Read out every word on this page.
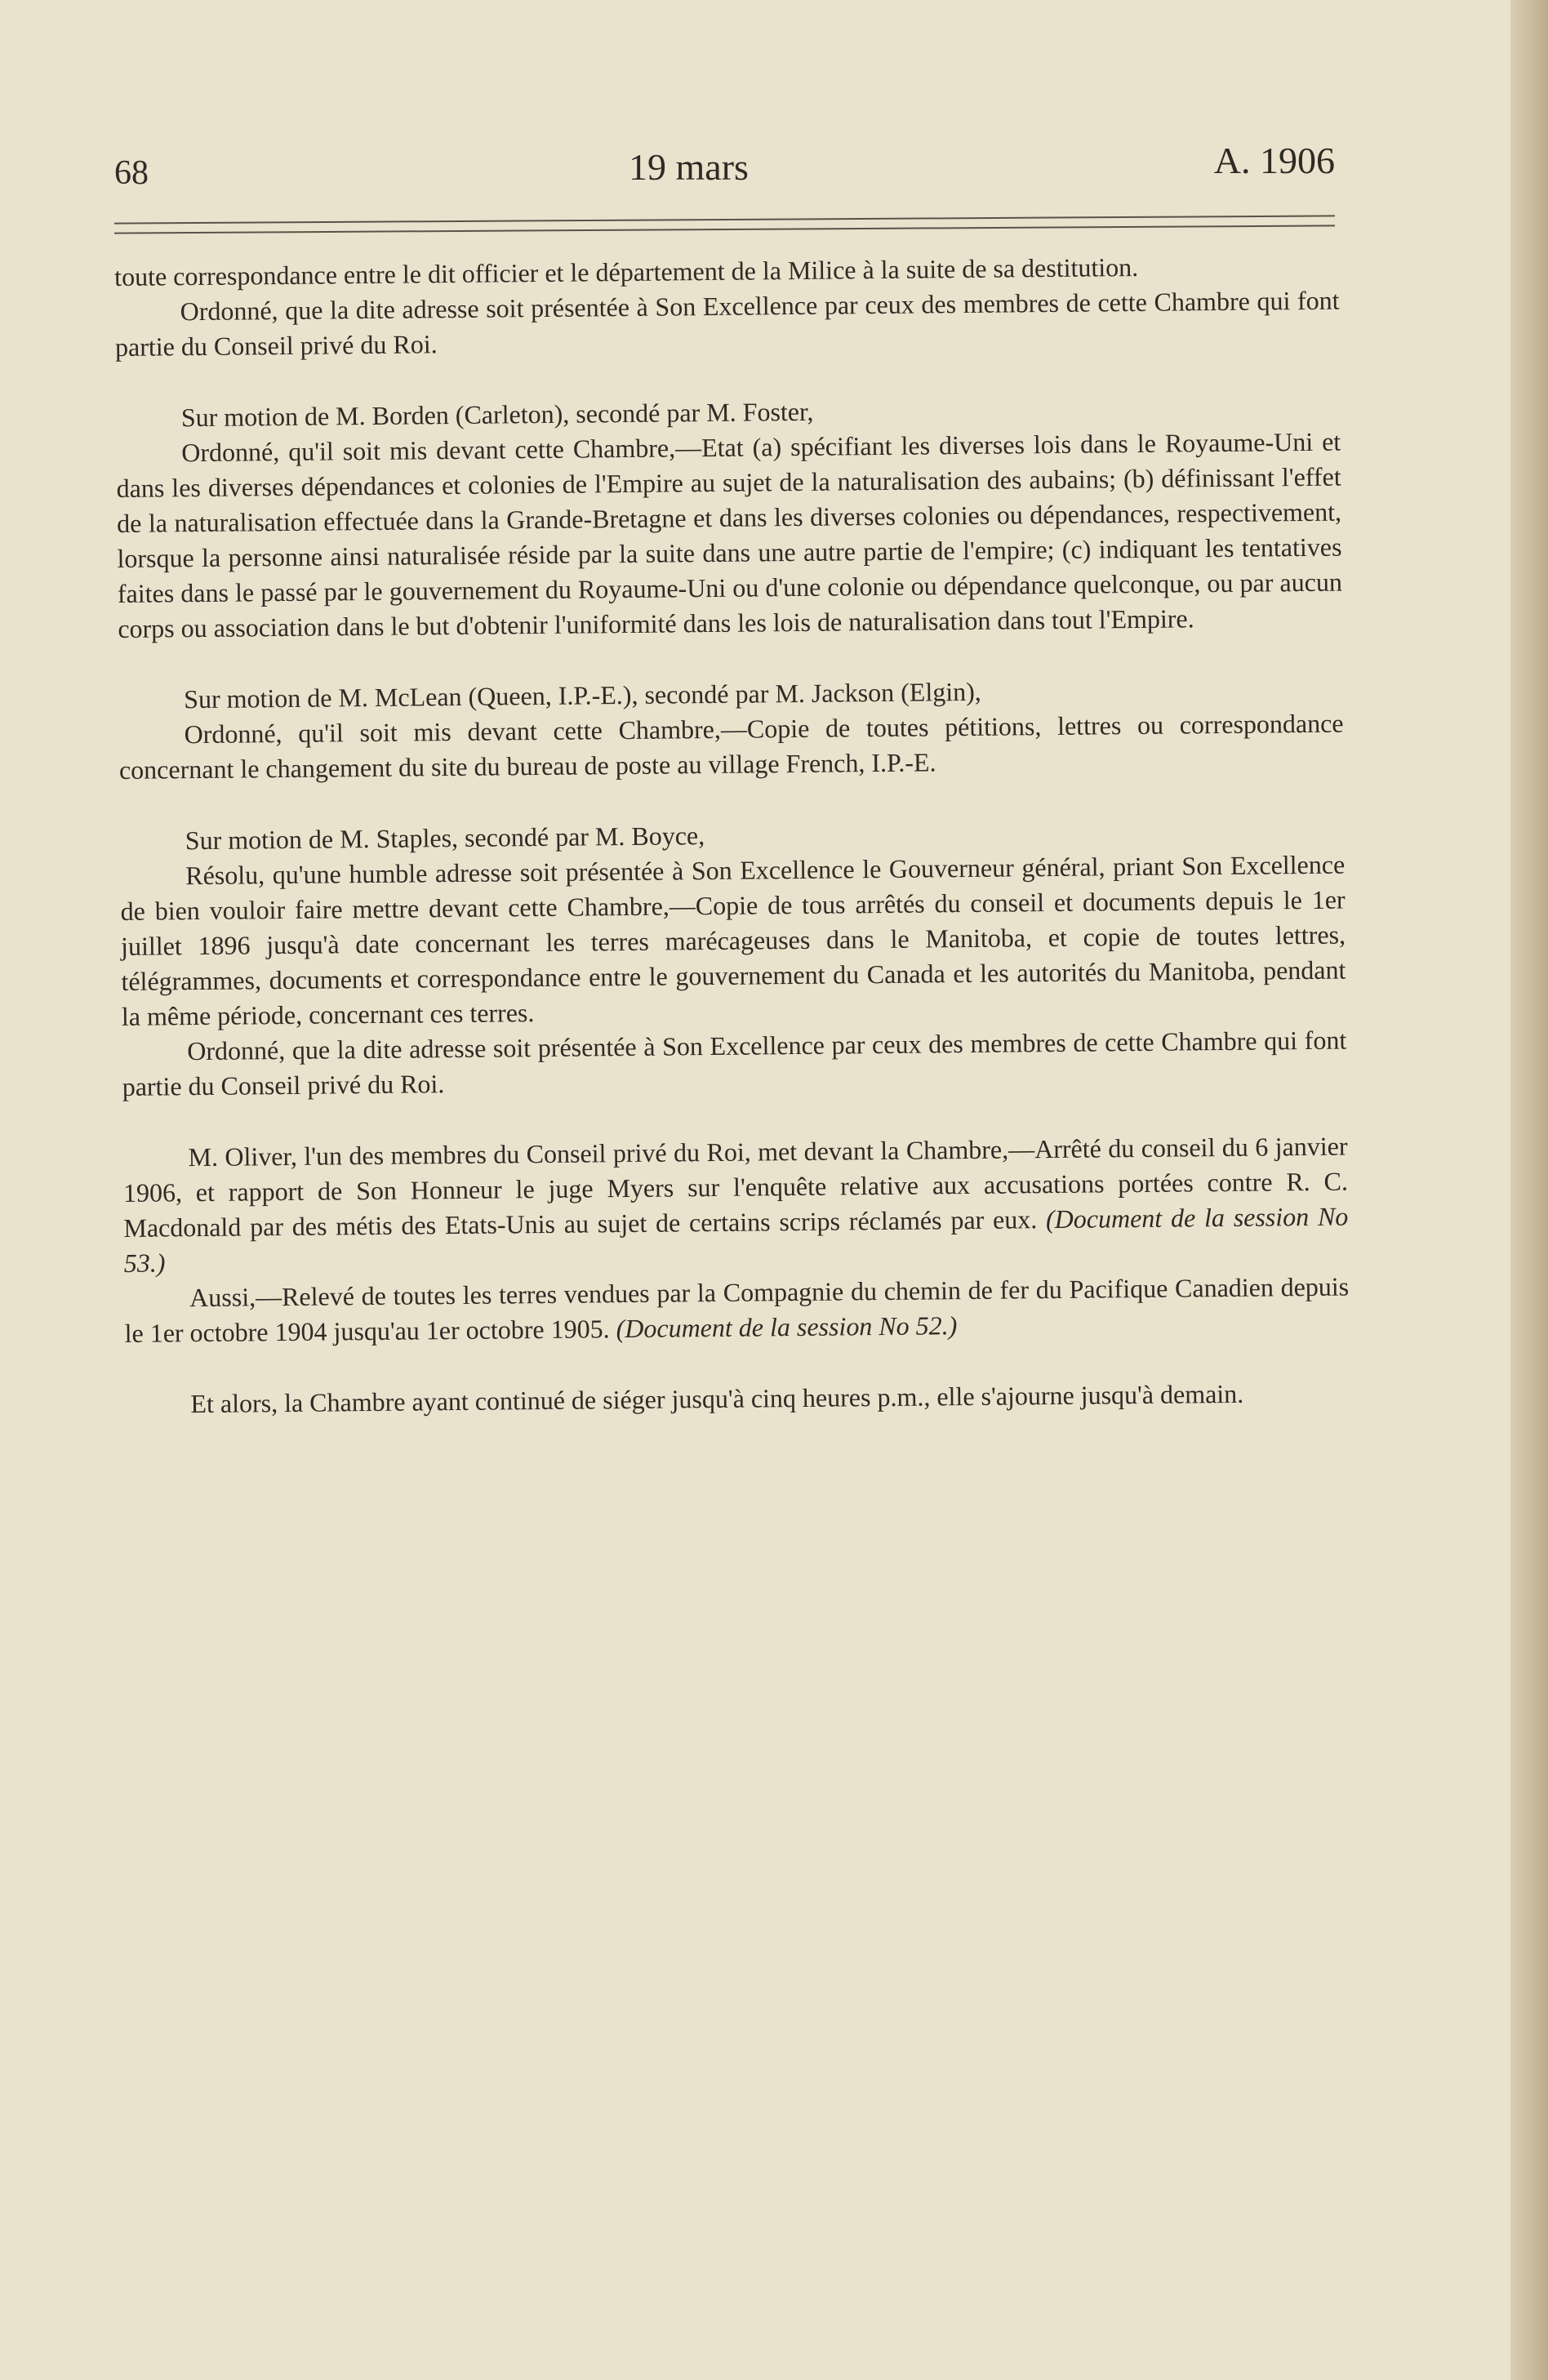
68	19 mars	A. 1906

toute correspondance entre le dit officier et le département de la Milice à la suite de sa destitution.

Ordonné, que la dite adresse soit présentée à Son Excellence par ceux des membres de cette Chambre qui font partie du Conseil privé du Roi.

Sur motion de M. Borden (Carleton), secondé par M. Foster,

Ordonné, qu'il soit mis devant cette Chambre,—Etat (a) spécifiant les diverses lois dans le Royaume-Uni et dans les diverses dépendances et colonies de l'Empire au sujet de la naturalisation des aubains; (b) définissant l'effet de la naturalisation effectuée dans la Grande-Bretagne et dans les diverses colonies ou dépendances, respectivement, lorsque la personne ainsi naturalisée réside par la suite dans une autre partie de l'empire; (c) indiquant les tentatives faites dans le passé par le gouvernement du Royaume-Uni ou d'une colonie ou dépendance quelconque, ou par aucun corps ou association dans le but d'obtenir l'uniformité dans les lois de naturalisation dans tout l'Empire.

Sur motion de M. McLean (Queen, I.P.-E.), secondé par M. Jackson (Elgin),

Ordonné, qu'il soit mis devant cette Chambre,—Copie de toutes pétitions, lettres ou correspondance concernant le changement du site du bureau de poste au village French, I.P.-E.

Sur motion de M. Staples, secondé par M. Boyce,

Résolu, qu'une humble adresse soit présentée à Son Excellence le Gouverneur général, priant Son Excellence de bien vouloir faire mettre devant cette Chambre,—Copie de tous arrêtés du conseil et documents depuis le 1er juillet 1896 jusqu'à date concernant les terres marécageuses dans le Manitoba, et copie de toutes lettres, télégrammes, documents et correspondance entre le gouvernement du Canada et les autorités du Manitoba, pendant la même période, concernant ces terres.

Ordonné, que la dite adresse soit présentée à Son Excellence par ceux des membres de cette Chambre qui font partie du Conseil privé du Roi.

M. Oliver, l'un des membres du Conseil privé du Roi, met devant la Chambre,—Arrêté du conseil du 6 janvier 1906, et rapport de Son Honneur le juge Myers sur l'enquête relative aux accusations portées contre R. C. Macdonald par des métis des Etats-Unis au sujet de certains scrips réclamés par eux. (Document de la session No 53.)

Aussi,—Relevé de toutes les terres vendues par la Compagnie du chemin de fer du Pacifique Canadien depuis le 1er octobre 1904 jusqu'au 1er octobre 1905. (Document de la session No 52.)

Et alors, la Chambre ayant continué de siéger jusqu'à cinq heures p.m., elle s'ajourne jusqu'à demain.
